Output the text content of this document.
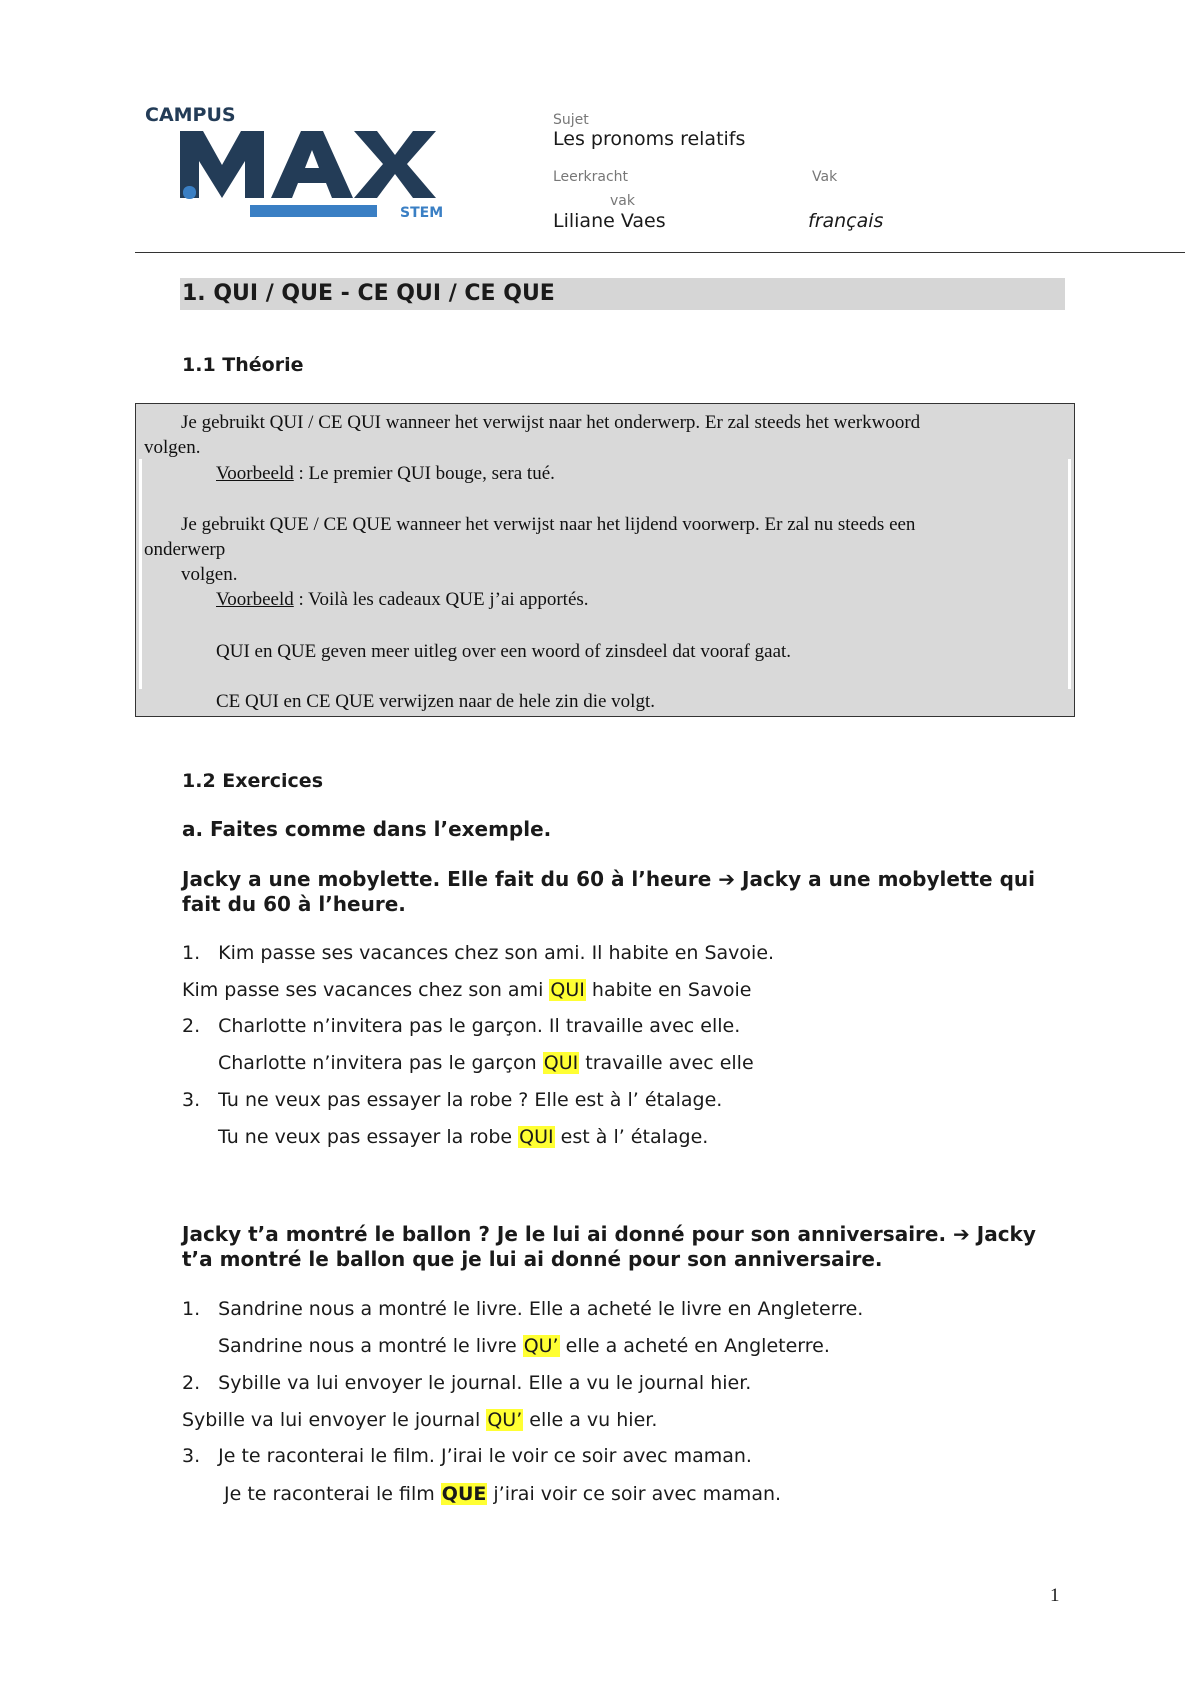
CAMPUS
STEM
Sujet
Les pronoms relatifs
Leerkracht
vak
Liliane Vaes
Vak
français
1. QUI / QUE - CE QUI / CE QUE
1.1 Théorie
Je gebruikt QUI / CE QUI wanneer het verwijst naar het onderwerp. Er zal steeds het werkwoord
volgen.
Voorbeeld : Le premier QUI bouge, sera tué.
Je gebruikt QUE / CE QUE wanneer het verwijst naar het lijdend voorwerp. Er zal nu steeds een
onderwerp
volgen.
Voorbeeld : Voilà les cadeaux QUE j’ai apportés.
QUI en QUE geven meer uitleg over een woord of zinsdeel dat vooraf gaat.
CE QUI en CE QUE verwijzen naar de hele zin die volgt.
1.2 Exercices
a. Faites comme dans l’exemple.
Jacky a une mobylette. Elle fait du 60 à l’heure ➔ Jacky a une mobylette qui
fait du 60 à l’heure.
1. Kim passe ses vacances chez son ami. Il habite en Savoie.
Kim passe ses vacances chez son ami QUI habite en Savoie
2. Charlotte n’invitera pas le garçon. Il travaille avec elle.
Charlotte n’invitera pas le garçon QUI travaille avec elle
3. Tu ne veux pas essayer la robe ? Elle est à l’ étalage.
Tu ne veux pas essayer la robe QUI est à l’ étalage.
Jacky t’a montré le ballon ? Je le lui ai donné pour son anniversaire. ➔ Jacky
t’a montré le ballon que je lui ai donné pour son anniversaire.
1. Sandrine nous a montré le livre. Elle a acheté le livre en Angleterre.
Sandrine nous a montré le livre QU’ elle a acheté en Angleterre.
2. Sybille va lui envoyer le journal. Elle a vu le journal hier.
Sybille va lui envoyer le journal QU’ elle a vu hier.
3. Je te raconterai le film. J’irai le voir ce soir avec maman.
Je te raconterai le film QUE j’irai voir ce soir avec maman.
1
